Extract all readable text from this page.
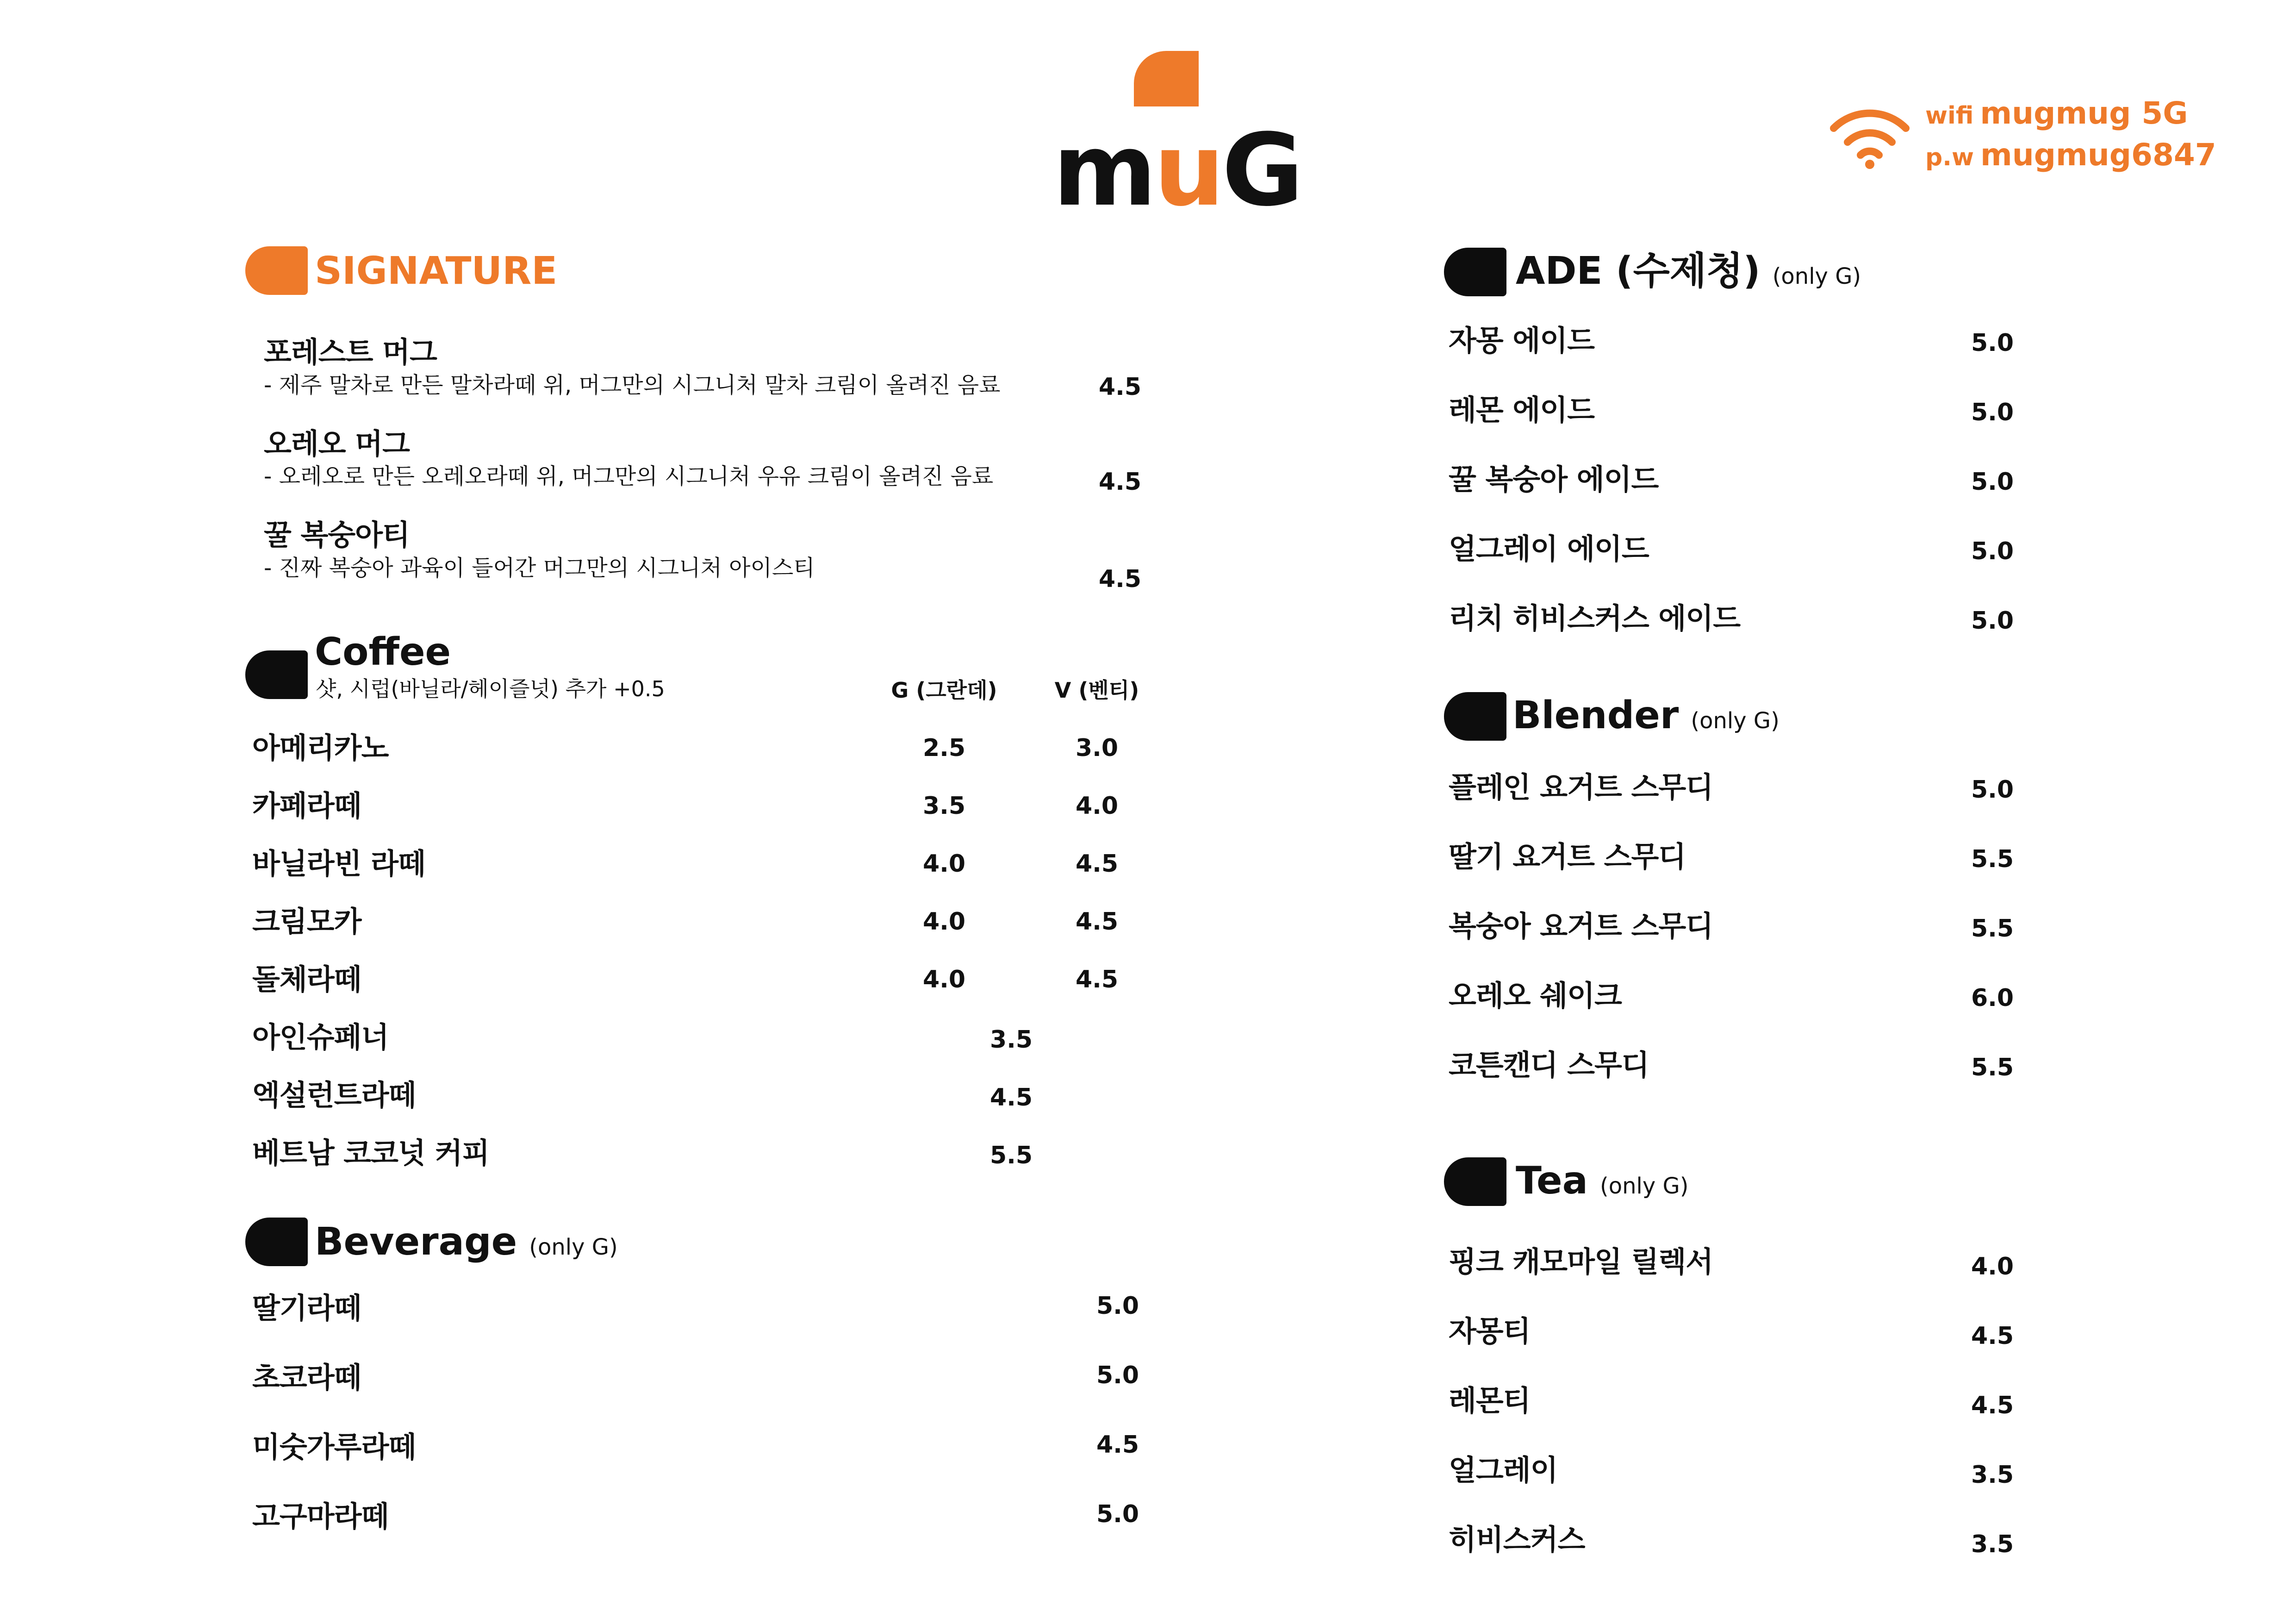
muG	wifi mugmug 5G
p.w mugmug6847
SIGNATURE
포레스트 머그
- 제주 말차로 만든 말차라떼 위, 머그만의 시그니처 말차 크림이 올려진 음료	4.5
오레오 머그
- 오레오로 만든 오레오라떼 위, 머그만의 시그니처 우유 크림이 올려진 음료	4.5
꿀 복숭아티
- 진짜 복숭아 과육이 들어간 머그만의 시그니처 아이스티	4.5
Coffee
샷, 시럽(바닐라/헤이즐넛) 추가 +0.5	G (그란데)	V (벤티)
아메리카노	2.5	3.0
카페라떼	3.5	4.0
바닐라빈 라떼	4.0	4.5
크림모카	4.0	4.5
돌체라떼	4.0	4.5
아인슈페너	3.5
엑설런트라떼	4.5
베트남 코코넛 커피	5.5
Beverage (only G)
딸기라떼	5.0
초코라떼	5.0
미숫가루라떼	4.5
고구마라떼	5.0
ADE (수제청) (only G)
자몽 에이드	5.0
레몬 에이드	5.0
꿀 복숭아 에이드	5.0
얼그레이 에이드	5.0
리치 히비스커스 에이드	5.0
Blender (only G)
플레인 요거트 스무디	5.0
딸기 요거트 스무디	5.5
복숭아 요거트 스무디	5.5
오레오 쉐이크	6.0
코튼캔디 스무디	5.5
Tea (only G)
핑크 캐모마일 릴렉서	4.0
자몽티	4.5
레몬티	4.5
얼그레이	3.5
히비스커스	3.5
